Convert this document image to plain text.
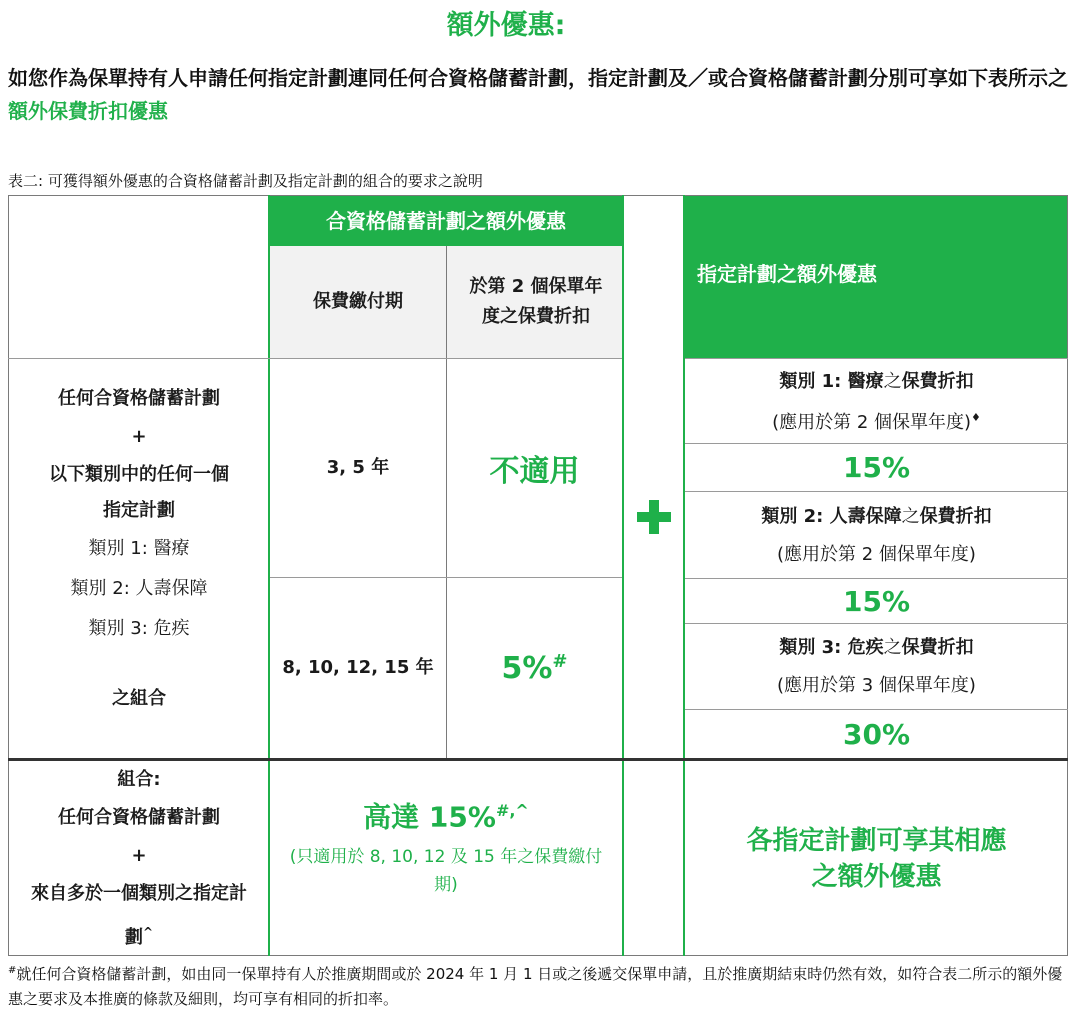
額外優惠:
如您作為保單持有人申請任何指定計劃連同任何合資格儲蓄計劃，指定計劃及／或合資格儲蓄計劃分別可享如下表所示之額外保費折扣優惠
表二: 可獲得額外優惠的合資格儲蓄計劃及指定計劃的組合的要求之說明
合資格儲蓄計劃之額外優惠
保費繳付期
於第 2 個保單年度之保費折扣
指定計劃之額外優惠
任何合資格儲蓄計劃
+
以下類別中的任何一個指定計劃
類別 1: 醫療
類別 2: 人壽保障
類別 3: 危疾
之組合
3, 5 年	不適用
8, 10, 12, 15 年	5%#
類別 1: 醫療之保費折扣
(應用於第 2 個保單年度)♦
15%
類別 2: 人壽保障之保費折扣
(應用於第 2 個保單年度)
15%
類別 3: 危疾之保費折扣
(應用於第 3 個保單年度)
30%
組合:
任何合資格儲蓄計劃
+
來自多於一個類別之指定計劃^
高達 15%#,^
(只適用於 8, 10, 12 及 15 年之保費繳付期)
各指定計劃可享其相應之額外優惠
#就任何合資格儲蓄計劃，如由同一保單持有人於推廣期間或於 2024 年 1 月 1 日或之後遞交保單申請，且於推廣期結束時仍然有效，如符合表二所示的額外優惠之要求及本推廣的條款及細則，均可享有相同的折扣率。
